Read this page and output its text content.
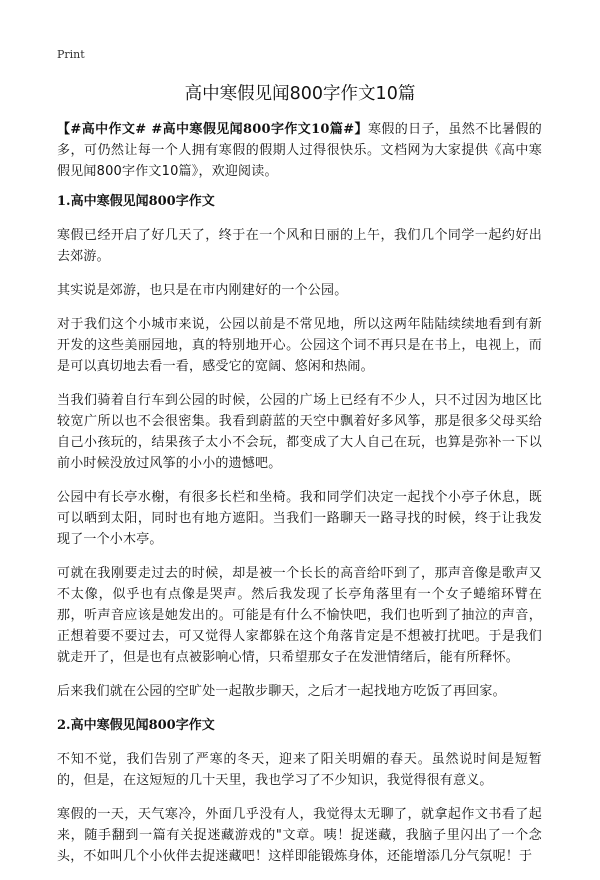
Print
高中寒假见闻800字作文10篇

【#高中作文# #高中寒假见闻800字作文10篇#】寒假的日子，虽然不比暑假的多，可仍然让每一个人拥有寒假的假期人过得很快乐。文档网为大家提供《高中寒假见闻800字作文10篇》，欢迎阅读。

1.高中寒假见闻800字作文

寒假已经开启了好几天了，终于在一个风和日丽的上午，我们几个同学一起约好出去郊游。

其实说是郊游，也只是在市内刚建好的一个公园。

对于我们这个小城市来说，公园以前是不常见地，所以这两年陆陆续续地看到有新开发的这些美丽园地，真的特别地开心。公园这个词不再只是在书上，电视上，而是可以真切地去看一看，感受它的宽阔、悠闲和热闹。

当我们骑着自行车到公园的时候，公园的广场上已经有不少人，只不过因为地区比较宽广所以也不会很密集。我看到蔚蓝的天空中飘着好多风筝，那是很多父母买给自己小孩玩的，结果孩子太小不会玩，都变成了大人自己在玩，也算是弥补一下以前小时候没放过风筝的小小的遗憾吧。

公园中有长亭水榭，有很多长栏和坐椅。我和同学们决定一起找个小亭子休息，既可以晒到太阳，同时也有地方遮阳。当我们一路聊天一路寻找的时候，终于让我发现了一个小木亭。

可就在我刚要走过去的时候，却是被一个长长的高音给吓到了，那声音像是歌声又不太像，似乎也有点像是哭声。然后我发现了长亭角落里有一个女子蜷缩环臂在那，听声音应该是她发出的。可能是有什么不愉快吧，我们也听到了抽泣的声音，正想着要不要过去，可又觉得人家都躲在这个角落肯定是不想被打扰吧。于是我们就走开了，但是也有点被影响心情，只希望那女子在发泄情绪后，能有所释怀。

后来我们就在公园的空旷处一起散步聊天，之后才一起找地方吃饭了再回家。

2.高中寒假见闻800字作文

不知不觉，我们告别了严寒的冬天，迎来了阳关明媚的春天。虽然说时间是短暂的，但是，在这短短的几十天里，我也学习了不少知识，我觉得很有意义。

寒假的一天，天气寒冷，外面几乎没有人，我觉得太无聊了，就拿起作文书看了起来，随手翻到一篇有关捉迷藏游戏的"文章。咦！捉迷藏，我脑子里闪出了一个念头，不如叫几个小伙伴去捉迷藏吧！这样即能锻炼身体，还能增添几分气氛呢！于
